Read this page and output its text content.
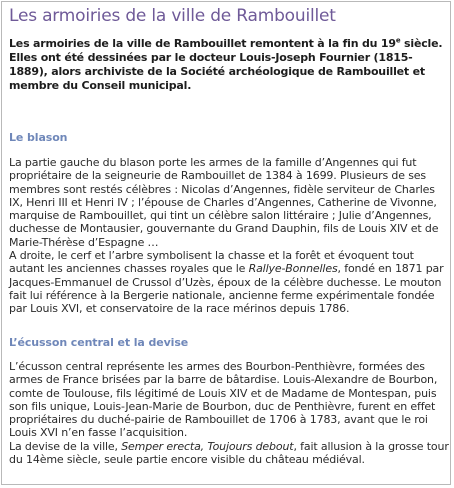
Les armoiries de la ville de Rambouillet
Les armoiries de la ville de Rambouillet remontent à la fin du 19e siècle. Elles ont été dessinées par le docteur Louis-Joseph Fournier (1815-1889), alors archiviste de la Société archéologique de Rambouillet et membre du Conseil municipal.
Le blason

La partie gauche du blason porte les armes de la famille d’Angennes qui fut propriétaire de la seigneurie de Rambouillet de 1384 à 1699. Plusieurs de ses membres sont restés célèbres : Nicolas d’Angennes, fidèle serviteur de Charles IX, Henri III et Henri IV ; l’épouse de Charles d’Angennes, Catherine de Vivonne, marquise de Rambouillet, qui tint un célèbre salon littéraire ; Julie d’Angennes, duchesse de Montausier, gouvernante du Grand Dauphin, fils de Louis XIV et de Marie-Thérèse d’Espagne …

A droite, le cerf et l’arbre symbolisent la chasse et la forêt et évoquent tout autant les anciennes chasses royales que le Rallye-Bonnelles, fondé en 1871 par Jacques-Emmanuel de Crussol d’Uzès, époux de la célèbre duchesse. Le mouton fait lui référence à la Bergerie nationale, ancienne ferme expérimentale fondée par Louis XVI, et conservatoire de la race mérinos depuis 1786.

L’écusson central et la devise

L’écusson central représente les armes des Bourbon-Penthièvre, formées des armes de France brisées par la barre de bâtardise. Louis-Alexandre de Bourbon, comte de Toulouse, fils légitimé de Louis XIV et de Madame de Montespan, puis son fils unique, Louis-Jean-Marie de Bourbon, duc de Penthièvre, furent en effet propriétaires du duché-pairie de Rambouillet de 1706 à 1783, avant que le roi Louis XVI n’en fasse l’acquisition.

La devise de la ville, Semper erecta, Toujours debout, fait allusion à la grosse tour du 14ème siècle, seule partie encore visible du château médiéval.
